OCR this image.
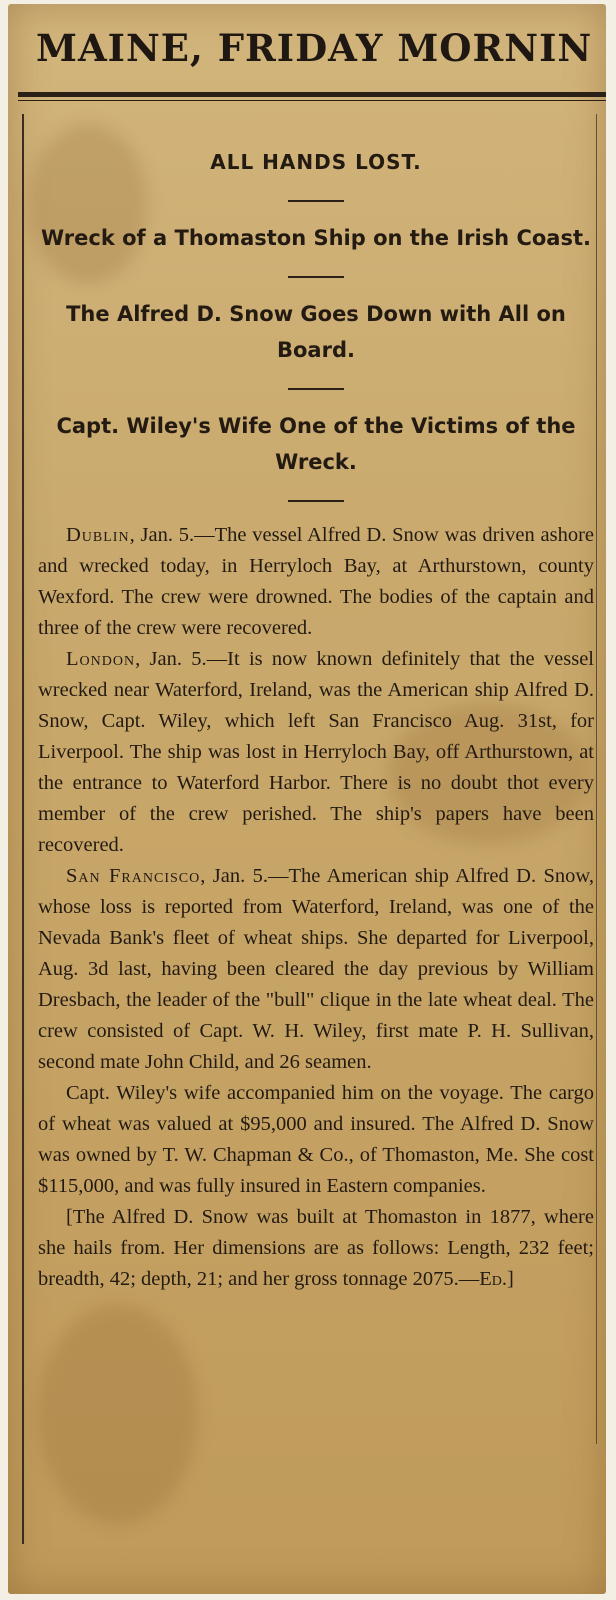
MAINE, FRIDAY MORNIN

ALL HANDS LOST.

Wreck of a Thomaston Ship on the Irish Coast.

The Alfred D. Snow Goes Down with All on Board.

Capt. Wiley's Wife One of the Victims of the Wreck.

Dublin, Jan. 5.—The vessel Alfred D. Snow was driven ashore and wrecked today, in Herryloch Bay, at Arthurstown, county Wexford. The crew were drowned. The bodies of the captain and three of the crew were recovered.

London, Jan. 5.—It is now known definitely that the vessel wrecked near Waterford, Ireland, was the American ship Alfred D. Snow, Capt. Wiley, which left San Francisco Aug. 31st, for Liverpool. The ship was lost in Herryloch Bay, off Arthurstown, at the entrance to Waterford Harbor. There is no doubt thot every member of the crew perished. The ship's papers have been recovered.

San Francisco, Jan. 5.—The American ship Alfred D. Snow, whose loss is reported from Waterford, Ireland, was one of the Nevada Bank's fleet of wheat ships. She departed for Liverpool, Aug. 3d last, having been cleared the day previous by William Dresbach, the leader of the "bull" clique in the late wheat deal. The crew consisted of Capt. W. H. Wiley, first mate P. H. Sullivan, second mate John Child, and 26 seamen.

Capt. Wiley's wife accompanied him on the voyage. The cargo of wheat was valued at $95,000 and insured. The Alfred D. Snow was owned by T. W. Chapman & Co., of Thomaston, Me. She cost $115,000, and was fully insured in Eastern companies.

[The Alfred D. Snow was built at Thomaston in 1877, where she hails from. Her dimensions are as follows: Length, 232 feet; breadth, 42; depth, 21; and her gross tonnage 2075.—Ed.]
